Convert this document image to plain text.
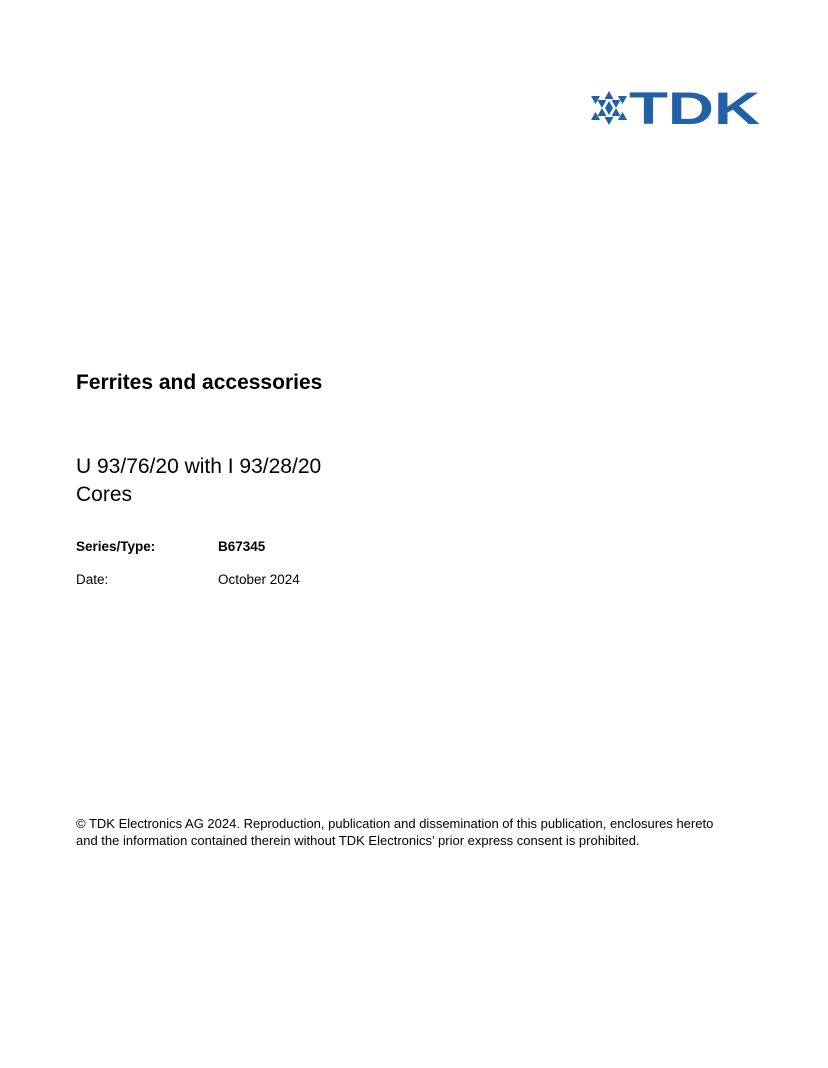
TDK
Ferrites and accessories
U 93/76/20 with I 93/28/20
Cores
Series/Type:	B67345
Date:	October 2024
© TDK Electronics AG 2024. Reproduction, publication and dissemination of this publication, enclosures hereto
and the information contained therein without TDK Electronics’ prior express consent is prohibited.
